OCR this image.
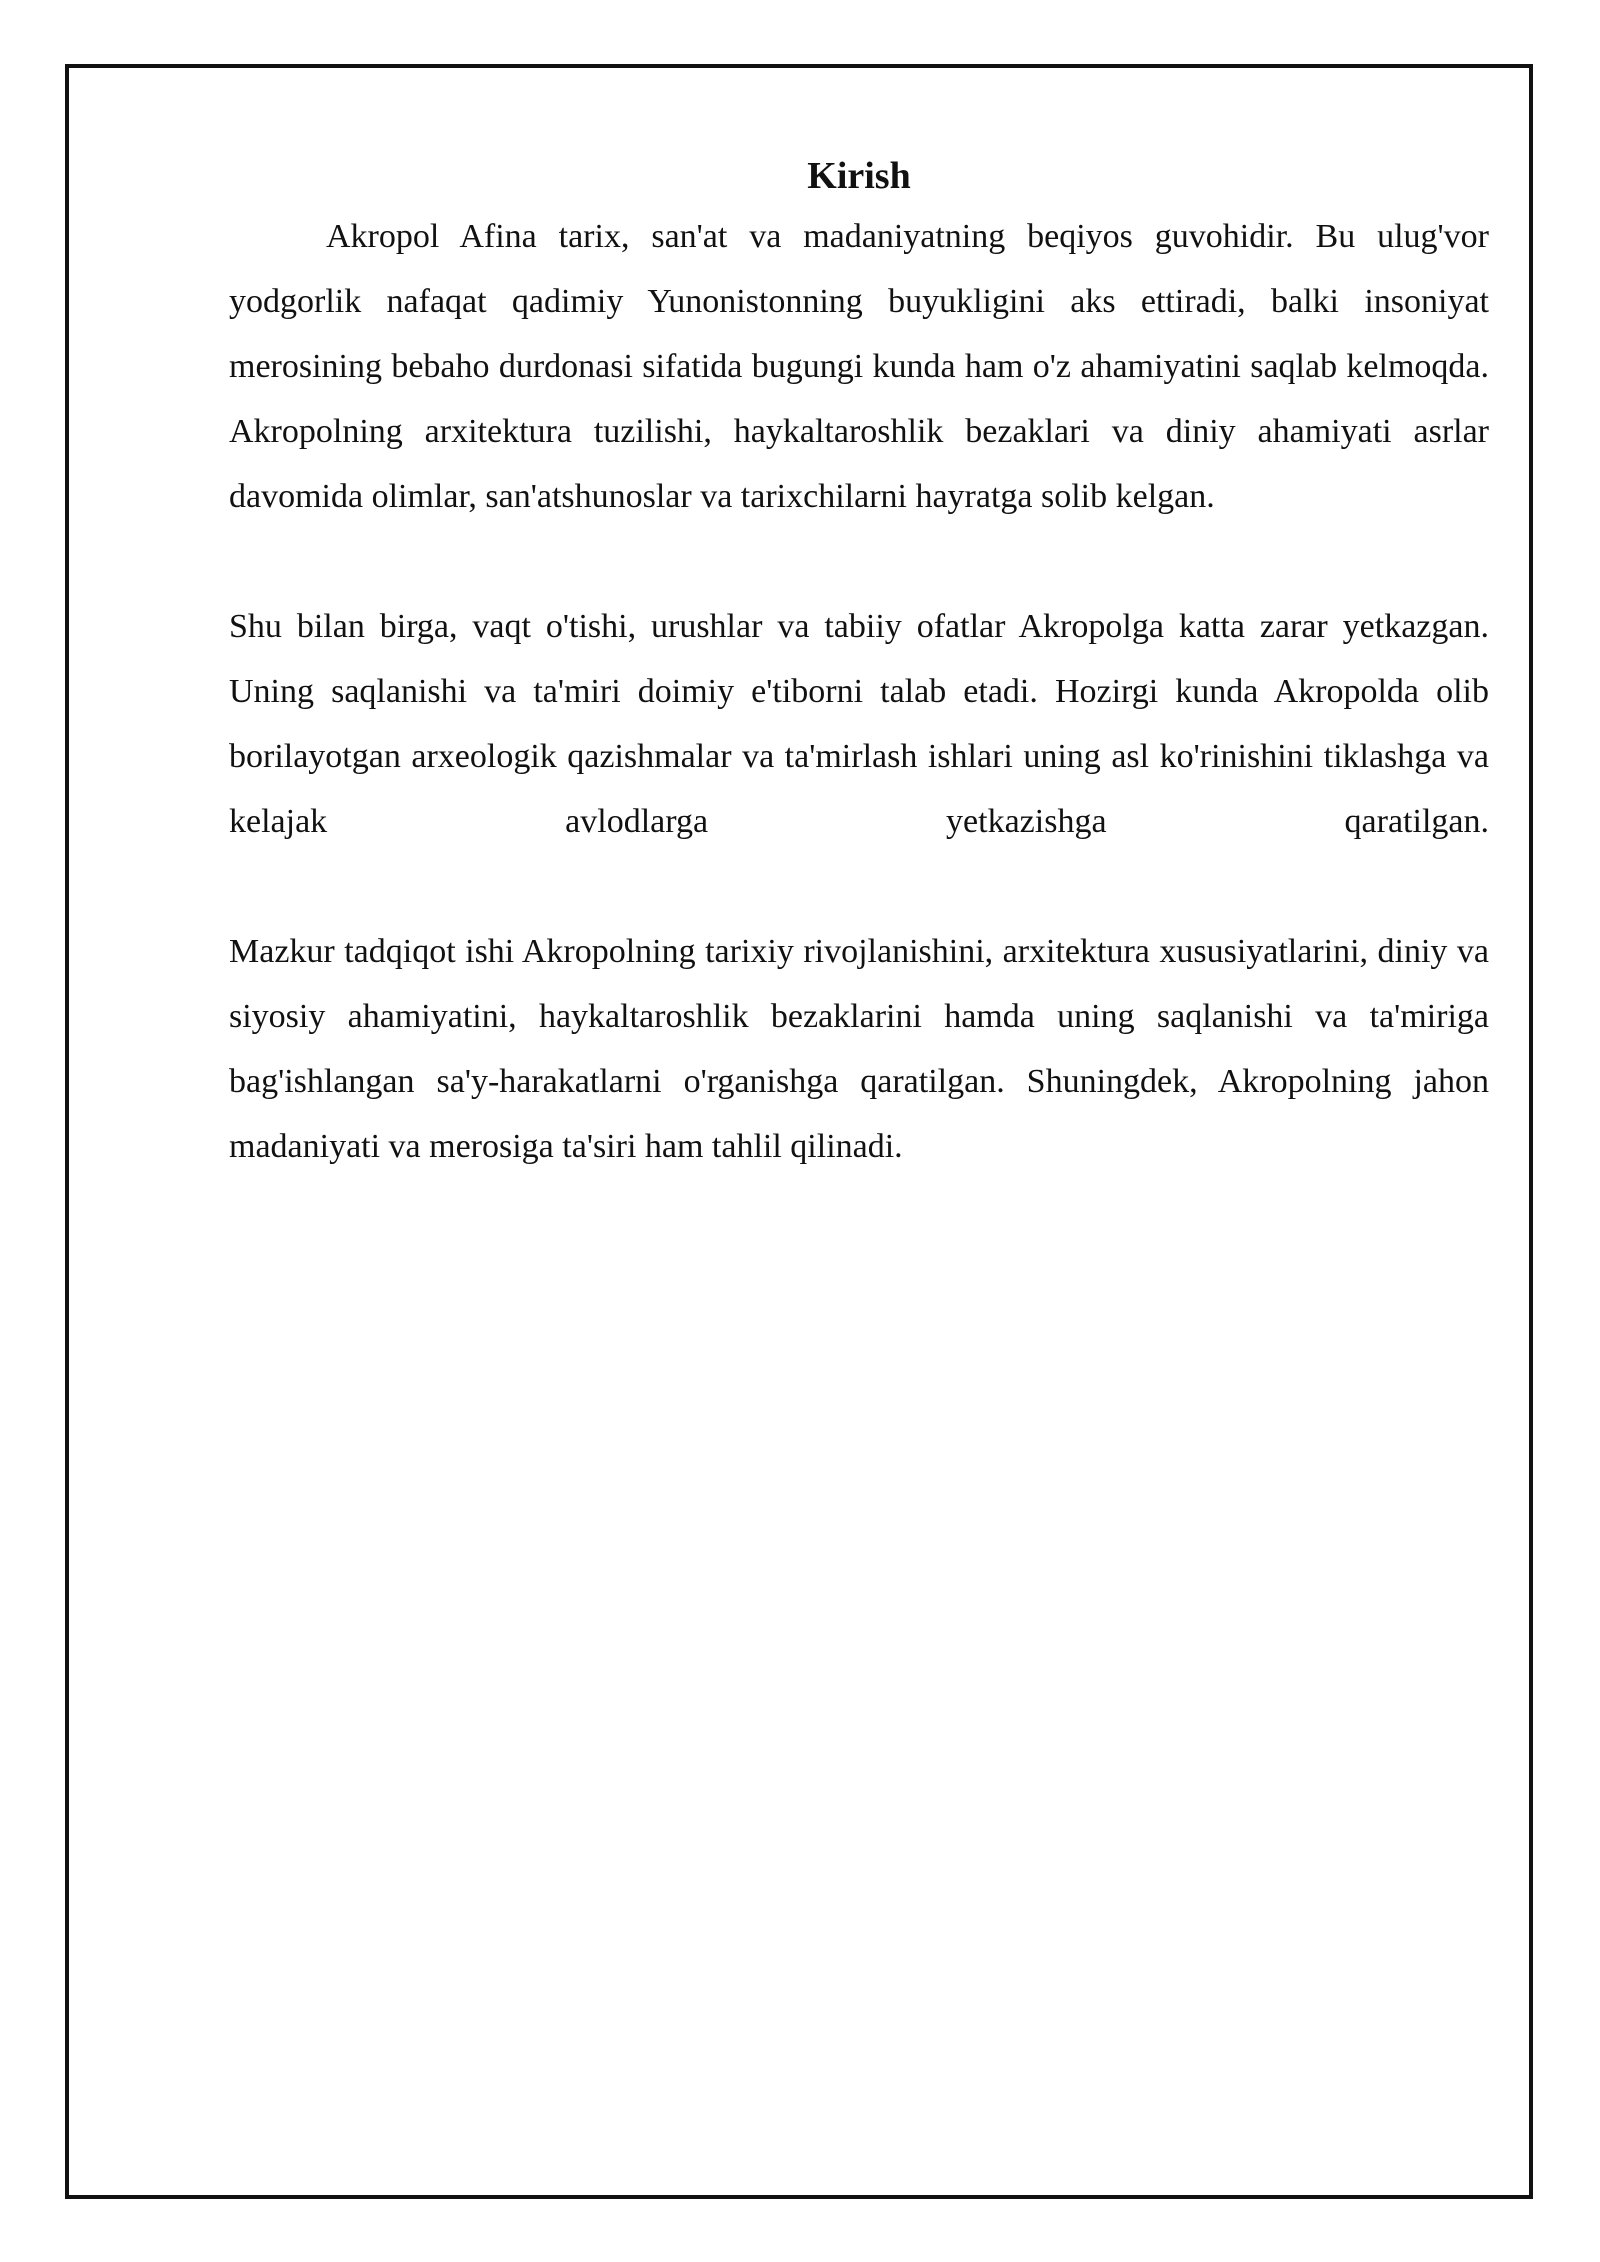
Kirish

Akropol Afina tarix, san'at va madaniyatning beqiyos guvohidir. Bu ulug'vor yodgorlik nafaqat qadimiy Yunonistonning buyukligini aks ettiradi, balki insoniyat merosining bebaho durdonasi sifatida bugungi kunda ham o'z ahamiyatini saqlab kelmoqda. Akropolning arxitektura tuzilishi, haykaltaroshlik bezaklari va diniy ahamiyati asrlar davomida olimlar, san'atshunoslar va tarixchilarni hayratga solib kelgan.

Shu bilan birga, vaqt o'tishi, urushlar va tabiiy ofatlar Akropolga katta zarar yetkazgan. Uning saqlanishi va ta'miri doimiy e'tiborni talab etadi. Hozirgi kunda Akropolda olib borilayotgan arxeologik qazishmalar va ta'mirlash ishlari uning asl ko'rinishini tiklashga va kelajak avlodlarga yetkazishga qaratilgan.

Mazkur tadqiqot ishi Akropolning tarixiy rivojlanishini, arxitektura xususiyatlarini, diniy va siyosiy ahamiyatini, haykaltaroshlik bezaklarini hamda uning saqlanishi va ta'miriga bag'ishlangan sa'y-harakatlarni o'rganishga qaratilgan. Shuningdek, Akropolning jahon madaniyati va merosiga ta'siri ham tahlil qilinadi.
